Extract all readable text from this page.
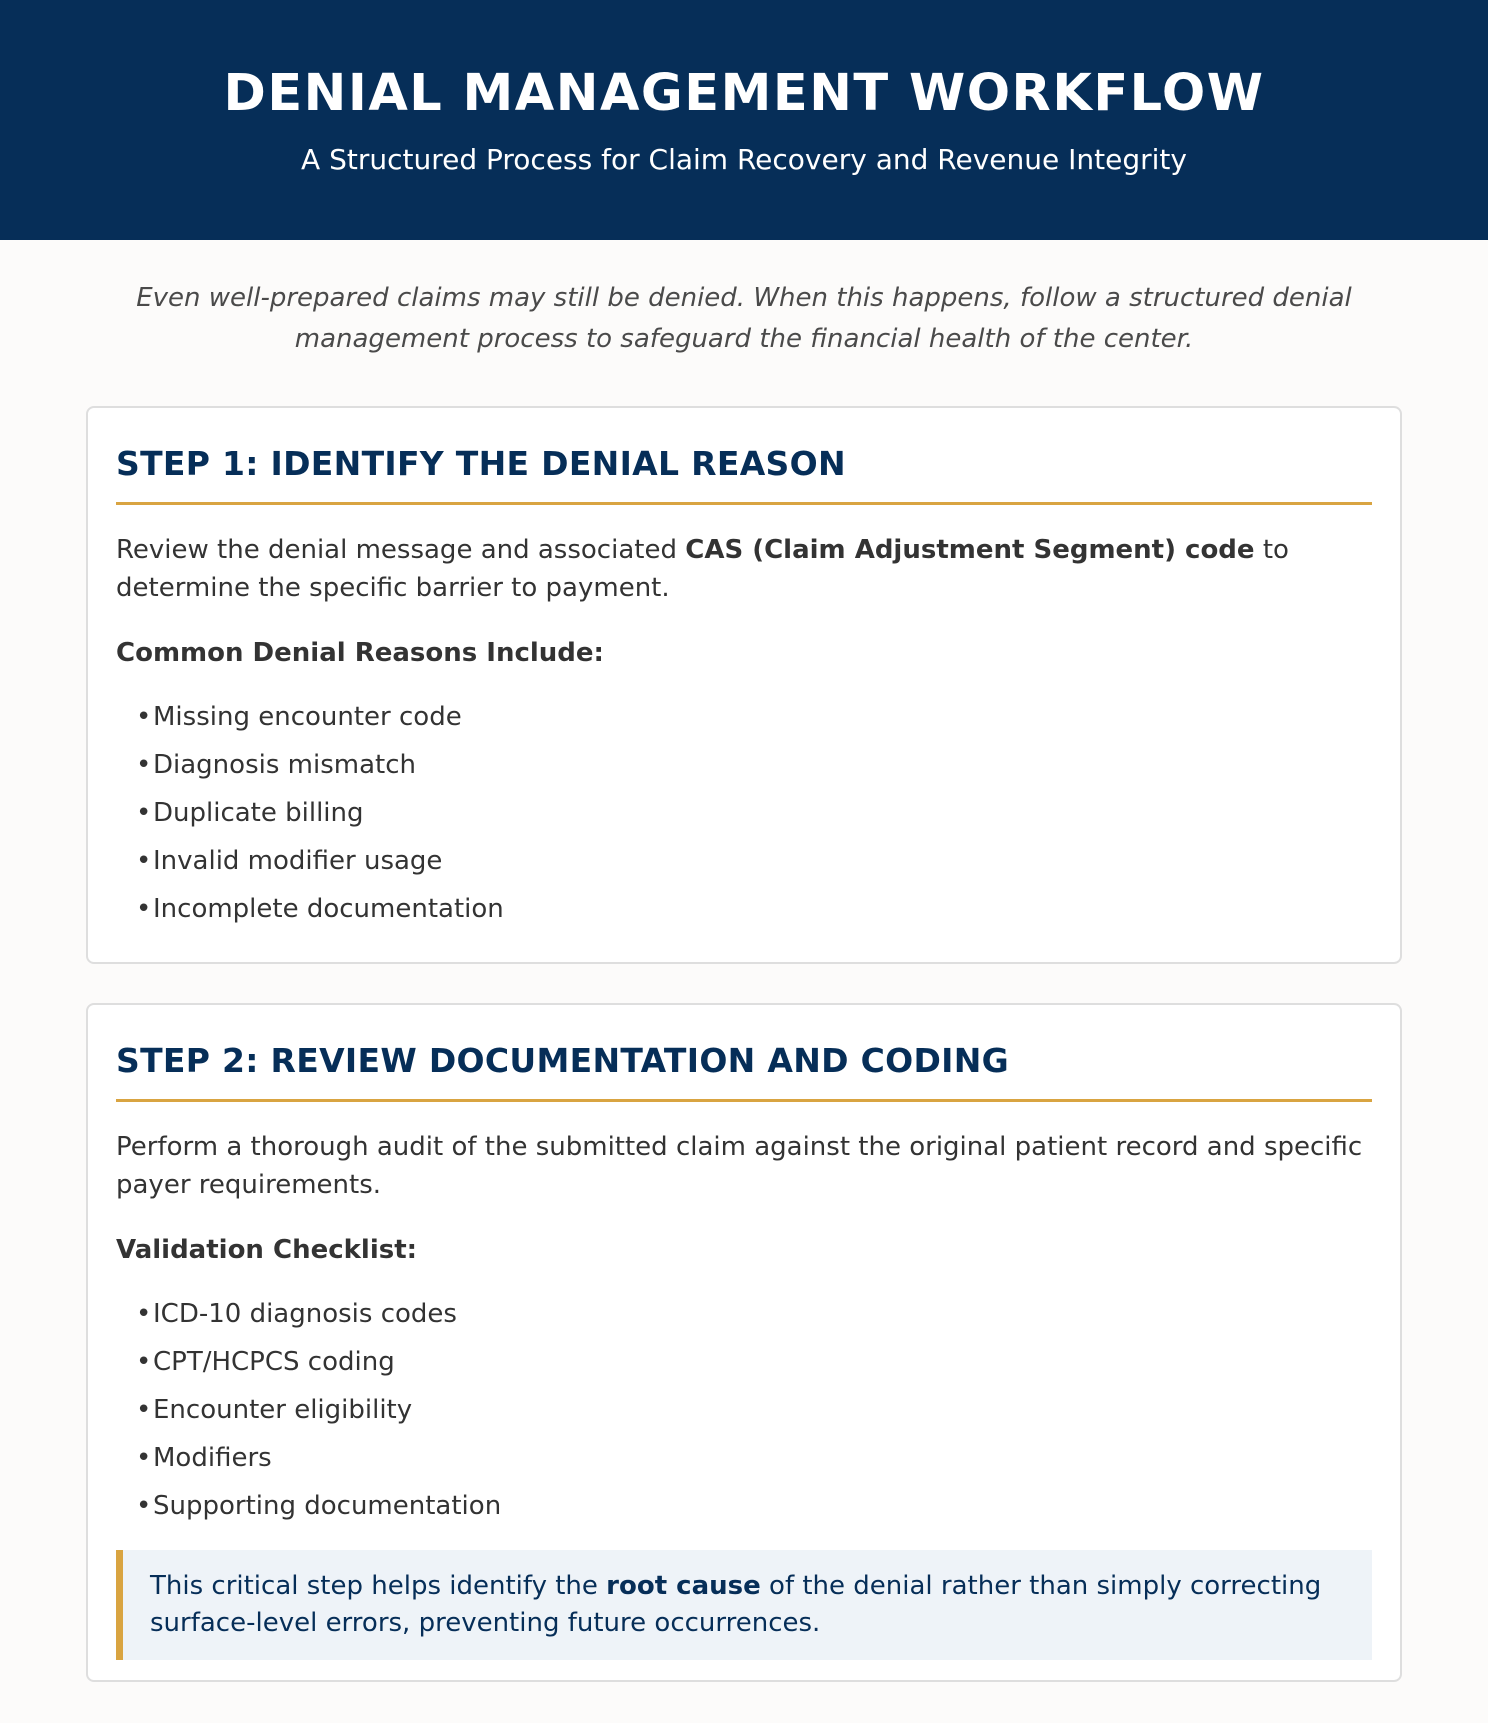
DENIAL MANAGEMENT WORKFLOW
A Structured Process for Claim Recovery and Revenue Integrity
Even well-prepared claims may still be denied. When this happens, follow a structured denial management process to safeguard the financial health of the center.
STEP 1: IDENTIFY THE DENIAL REASON

Review the denial message and associated CAS (Claim Adjustment Segment) code to determine the specific barrier to payment.

Common Denial Reasons Include:
•Missing encounter code
•Diagnosis mismatch
•Duplicate billing
•Invalid modifier usage
•Incomplete documentation
STEP 2: REVIEW DOCUMENTATION AND CODING

Perform a thorough audit of the submitted claim against the original patient record and specific payer requirements.

Validation Checklist:
•ICD-10 diagnosis codes
•CPT/HCPCS coding
•Encounter eligibility
•Modifiers
•Supporting documentation
This critical step helps identify the root cause of the denial rather than simply correcting surface-level errors, preventing future occurrences.
